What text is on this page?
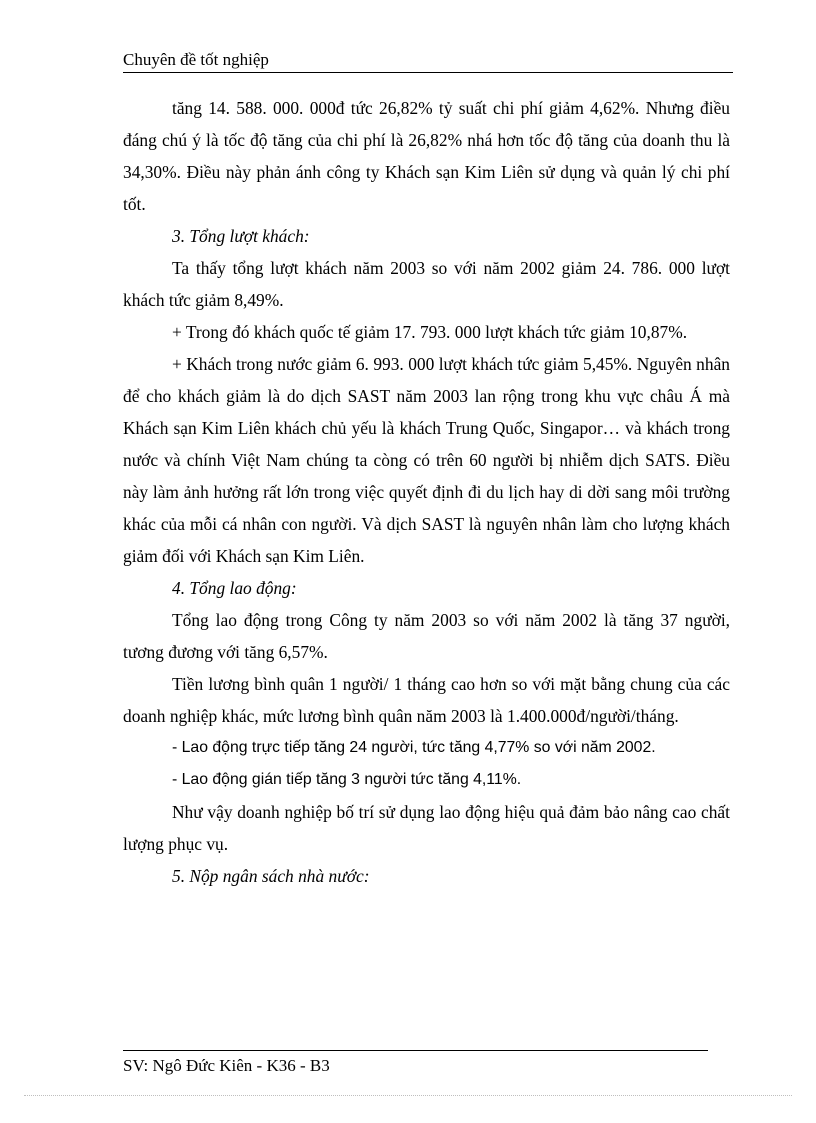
Chuyên đề tốt nghiệp

tăng 14. 588. 000. 000đ tức 26,82% tỷ suất chi phí giảm 4,62%. Nhưng điều đáng chú ý là tốc độ tăng của chi phí là 26,82% nhá hơn tốc độ tăng của doanh thu là 34,30%. Điều này phản ánh công ty Khách sạn Kim Liên sử dụng và quản lý chi phí tốt.

3. Tổng lượt khách:

Ta thấy tổng lượt khách năm 2003 so với năm 2002 giảm 24. 786. 000 lượt khách tức giảm 8,49%.

+ Trong đó khách quốc tế giảm 17. 793. 000 lượt khách tức giảm 10,87%.

+ Khách trong nước giảm 6. 993. 000 lượt khách tức giảm 5,45%. Nguyên nhân để cho khách giảm là do dịch SAST năm 2003 lan rộng trong khu vực châu Á mà Khách sạn Kim Liên khách chủ yếu là khách Trung Quốc, Singapor… và khách trong nước và chính Việt Nam chúng ta còng có trên 60 người bị nhiễm dịch SATS. Điều này làm ảnh hưởng rất lớn trong việc quyết định đi du lịch hay di dời sang môi trường khác của mỗi cá nhân con người. Và dịch SAST là nguyên nhân làm cho lượng khách giảm đối với Khách sạn Kim Liên.

4. Tổng lao động:

Tổng lao động trong Công ty năm 2003 so với năm 2002 là tăng 37 người, tương đương với tăng 6,57%.

Tiền lương bình quân 1 người/ 1 tháng cao hơn so với mặt bằng chung của các doanh nghiệp khác, mức lương bình quân năm 2003 là 1.400.000đ/người/tháng.

- Lao động trực tiếp tăng 24 người, tức tăng 4,77% so với năm 2002.

- Lao động gián tiếp tăng 3 người tức tăng 4,11%.

Như vậy doanh nghiệp bố trí sử dụng lao động hiệu quả đảm bảo nâng cao chất lượng phục vụ.

5. Nộp ngân sách nhà nước:

SV: Ngô Đức Kiên - K36 - B3
